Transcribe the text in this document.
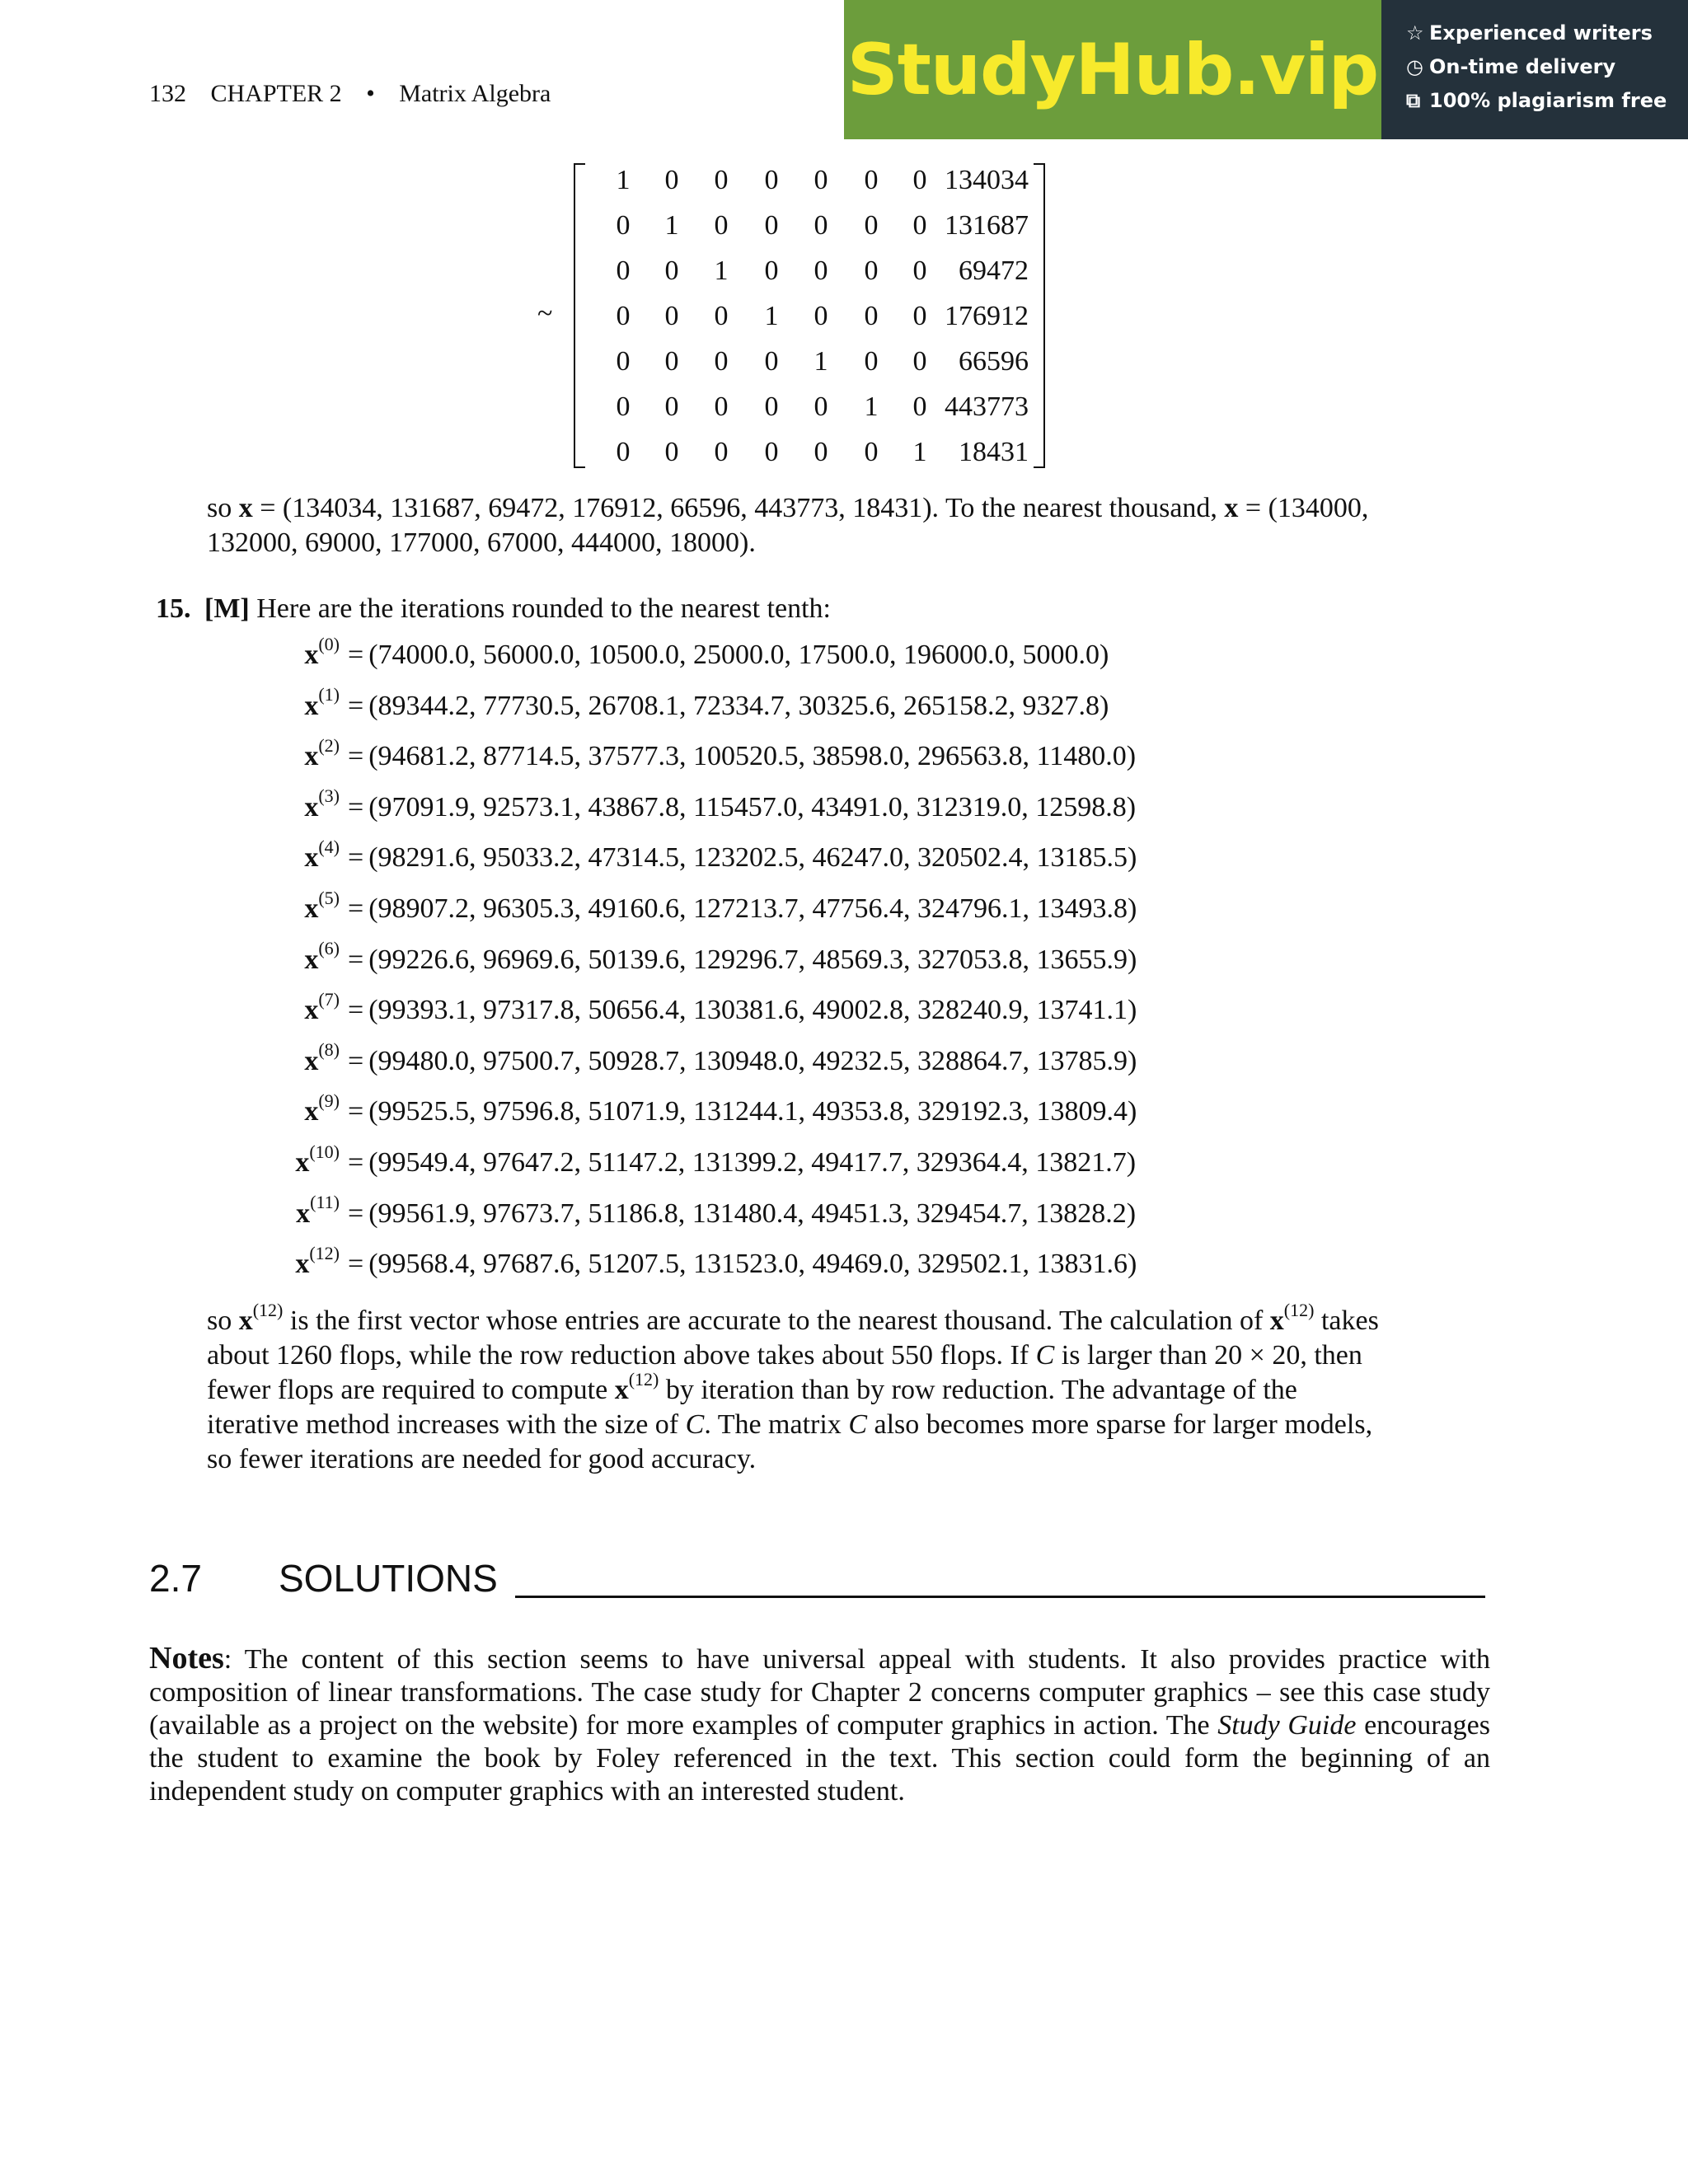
132 CHAPTER 2 • Matrix Algebra	StudyHub.vip ☆ Experienced writers
◷ On-time delivery
⧉ 100% plagiarism free
~
1	0	0	0	0	0	0 134034
0	1	0	0	0	0	0 131687
0	0	1	0	0	0	0	69472
0	0	0	1	0	0	0 176912
0	0	0	0	1	0	0	66596
0	0	0	0	0	1	0 443773
0	0	0	0	0	0	1	18431
so x = (134034, 131687, 69472, 176912, 66596, 443773, 18431). To the nearest thousand, x = (134000,
132000, 69000, 177000, 67000, 444000, 18000).
15. [M] Here are the iterations rounded to the nearest tenth:
$x^{(0)} = (74000.0$, 56000.0, 10500.0, 25000.0, 17500.0, 196000.0, 5000.0)
$x^{(1)} = (89344.2$, 77730.5, 26708.1, 72334.7, 30325.6, 265158.2, 9327.8)
$x^{(2)} = (94681.2$, 87714.5, 37577.3, 100520.5, 38598.0, 296563.8, 11480.0)
$x^{(3)} = (97091.9$, 92573.1, 43867.8, 115457.0, 43491.0, 312319.0, 12598.8)
$x^{(4)} = (98291.6$, 95033.2, 47314.5, 123202.5, 46247.0, 320502.4, 13185.5)
$x^{(5)} = (98907.2$, 96305.3, 49160.6, 127213.7, 47756.4, 324796.1, 13493.8)
$x^{(6)} = (99226.6$, 96969.6, 50139.6, 129296.7, 48569.3, 327053.8, 13655.9)
$x^{(7)} = (99393.1$, 97317.8, 50656.4, 130381.6, 49002.8, 328240.9, 13741.1)
$x^{(8)} = (99480.0$, 97500.7, 50928.7, 130948.0, 49232.5, 328864.7, 13785.9)
$x^{(9)} = (99525.5$, 97596.8, 51071.9, 131244.1, 49353.8, 329192.3, 13809.4)
$x^{(10)} = (99549.4$, 97647.2, 51147.2, 131399.2, 49417.7, 329364.4, 13821.7)
$x^{(11)} = (99561.9$, 97673.7, 51186.8, 131480.4, 49451.3, 329454.7, 13828.2)
$x^{(12)} = (99568.4$, 97687.6, 51207.5, 131523.0, 49469.0, 329502.1, 13831.6)
so $x^{(12)}$ is the first vector whose entries are accurate to the nearest thousand. The calculation of $x^{(12)}$ takes
about 1260 flops, while the row reduction above takes about 550 flops. If C is larger than 20 × 20, then
fewer flops are required to compute $x^{(12)}$ by iteration than by row reduction. The advantage of the
iterative method increases with the size of C. The matrix C also becomes more sparse for larger models,
so fewer iterations are needed for good accuracy.
2.7 SOLUTIONS
Notes: The content of this section seems to have universal appeal with students. It also provides practice with composition of linear transformations. The case study for Chapter 2 concerns computer graphics – see this case study (available as a project on the website) for more examples of computer graphics in action. The Study Guide encourages the student to examine the book by Foley referenced in the text. This section could form the beginning of an independent study on computer graphics with an interested student.
